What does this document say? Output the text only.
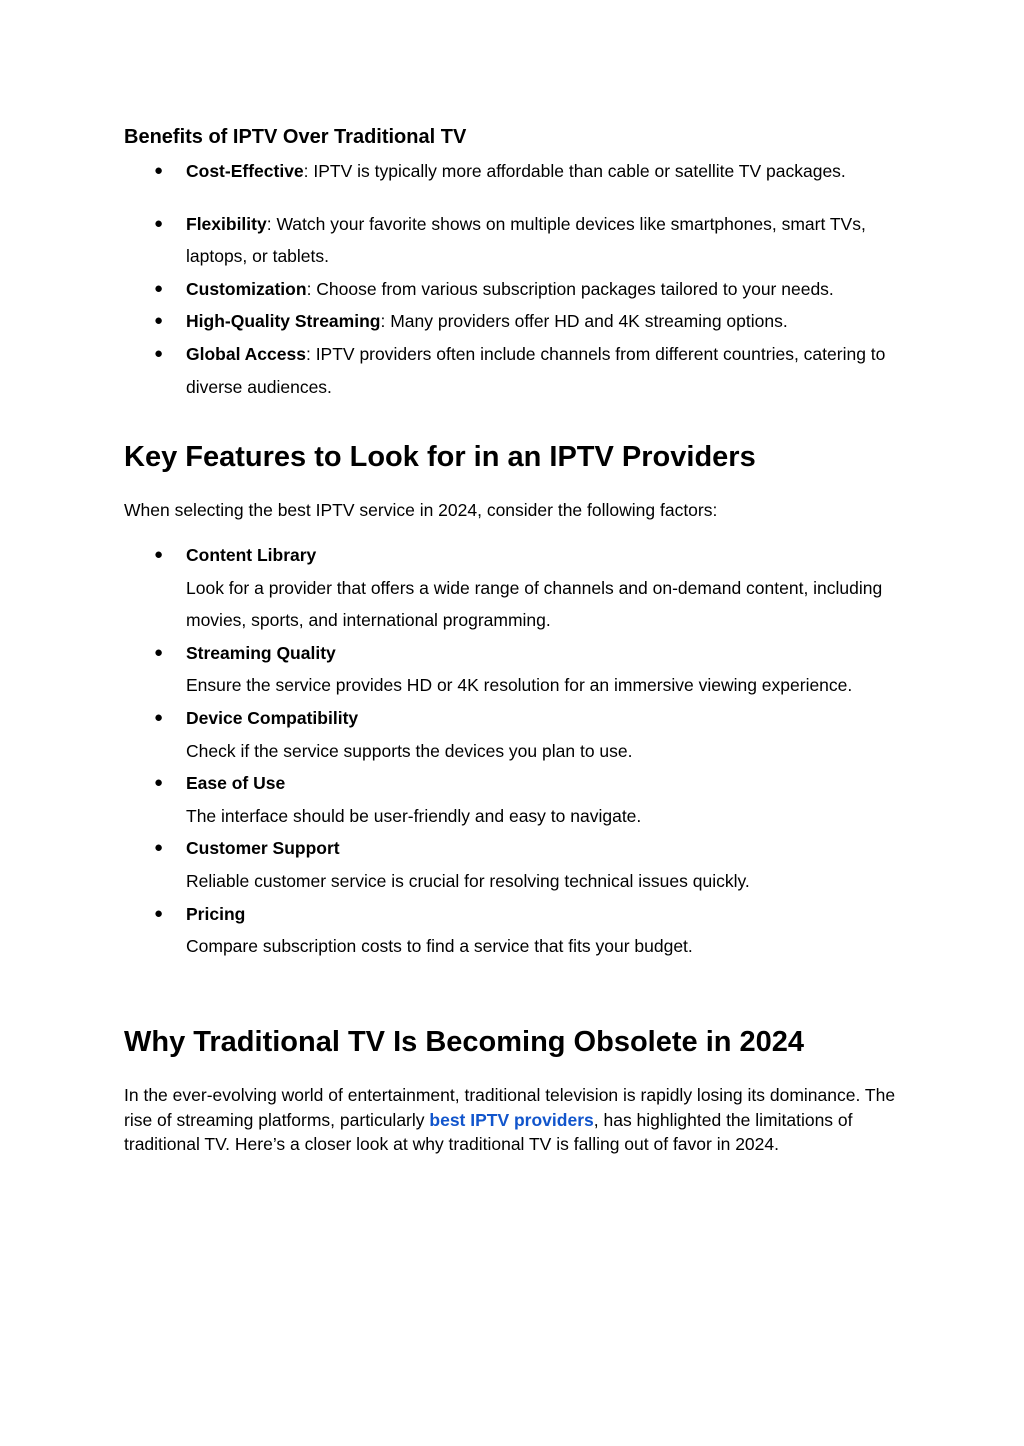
Benefits of IPTV Over Traditional TV
● Cost-Effective: IPTV is typically more affordable than cable or satellite TV packages.
● Flexibility: Watch your favorite shows on multiple devices like smartphones, smart TVs, laptops, or tablets.
● Customization: Choose from various subscription packages tailored to your needs.
● High-Quality Streaming: Many providers offer HD and 4K streaming options.
● Global Access: IPTV providers often include channels from different countries, catering to diverse audiences.
Key Features to Look for in an IPTV Providers

When selecting the best IPTV service in 2024, consider the following factors:

● Content Library
Look for a provider that offers a wide range of channels and on-demand content, including movies, sports, and international programming.
● Streaming Quality
Ensure the service provides HD or 4K resolution for an immersive viewing experience.
● Device Compatibility
Check if the service supports the devices you plan to use.
● Ease of Use
The interface should be user-friendly and easy to navigate.
● Customer Support
Reliable customer service is crucial for resolving technical issues quickly.
● Pricing
Compare subscription costs to find a service that fits your budget.
Why Traditional TV Is Becoming Obsolete in 2024

In the ever-evolving world of entertainment, traditional television is rapidly losing its dominance. The rise of streaming platforms, particularly best IPTV providers, has highlighted the limitations of traditional TV. Here’s a closer look at why traditional TV is falling out of favor in 2024.
